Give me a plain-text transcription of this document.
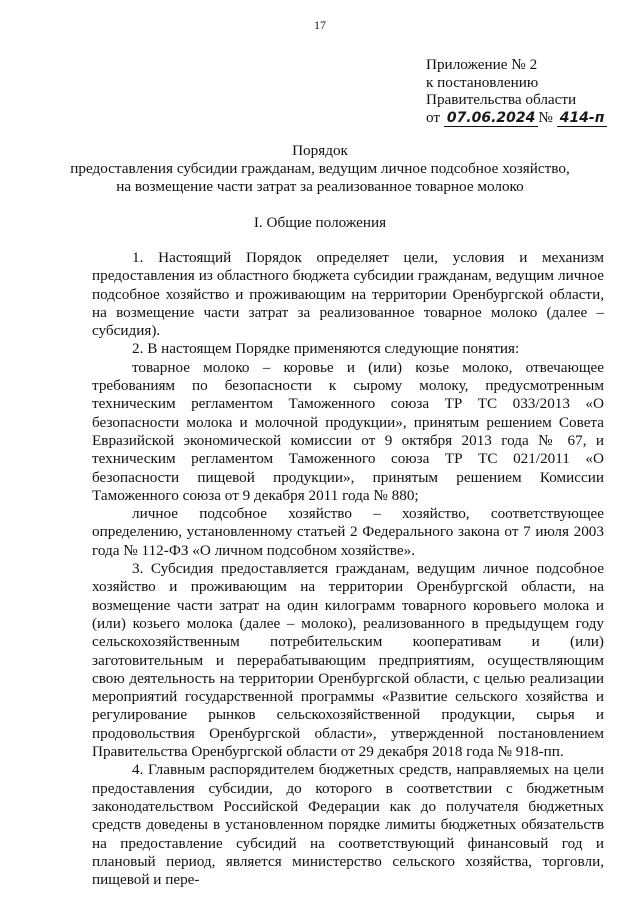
17
Приложение № 2
к постановлению
Правительства области
от 07.06.2024 № 414-п
Порядок
предоставления субсидии гражданам, ведущим личное подсобное хозяйство,
на возмещение части затрат за реализованное товарное молоко
I. Общие положения

1. Настоящий Порядок определяет цели, условия и механизм предоставления из областного бюджета субсидии гражданам, ведущим личное подсобное хозяйство и проживающим на территории Оренбургской области, на возмещение части затрат за реализованное товарное молоко (далее – субсидия).

2. В настоящем Порядке применяются следующие понятия:

товарное молоко – коровье и (или) козье молоко, отвечающее требованиям по безопасности к сырому молоку, предусмотренным техническим регламентом Таможенного союза ТР ТС 033/2013 «О безопасности молока и молочной продукции», принятым решением Совета Евразийской экономической комиссии от 9 октября 2013 года № 67, и техническим регламентом Таможенного союза ТР ТС 021/2011 «О безопасности пищевой продукции», принятым решением Комиссии Таможенного союза от 9 декабря 2011 года № 880;

личное подсобное хозяйство – хозяйство, соответствующее определению, установленному статьей 2 Федерального закона от 7 июля 2003 года № 112-ФЗ «О личном подсобном хозяйстве».

3. Субсидия предоставляется гражданам, ведущим личное подсобное хозяйство и проживающим на территории Оренбургской области, на возмещение части затрат на один килограмм товарного коровьего молока и (или) козьего молока (далее – молоко), реализованного в предыдущем году сельскохозяйственным потребительским кооперативам и (или) заготовительным и перерабатывающим предприятиям, осуществляющим свою деятельность на территории Оренбургской области, с целью реализации мероприятий государственной программы «Развитие сельского хозяйства и регулирование рынков сельскохозяйственной продукции, сырья и продовольствия Оренбургской области», утвержденной постановлением Правительства Оренбургской области от 29 декабря 2018 года № 918-пп.

4. Главным распорядителем бюджетных средств, направляемых на цели предоставления субсидии, до которого в соответствии с бюджетным законодательством Российской Федерации как до получателя бюджетных средств доведены в установленном порядке лимиты бюджетных обязательств на предоставление субсидий на соответствующий финансовый год и плановый период, является министерство сельского хозяйства, торговли, пищевой и пере-
